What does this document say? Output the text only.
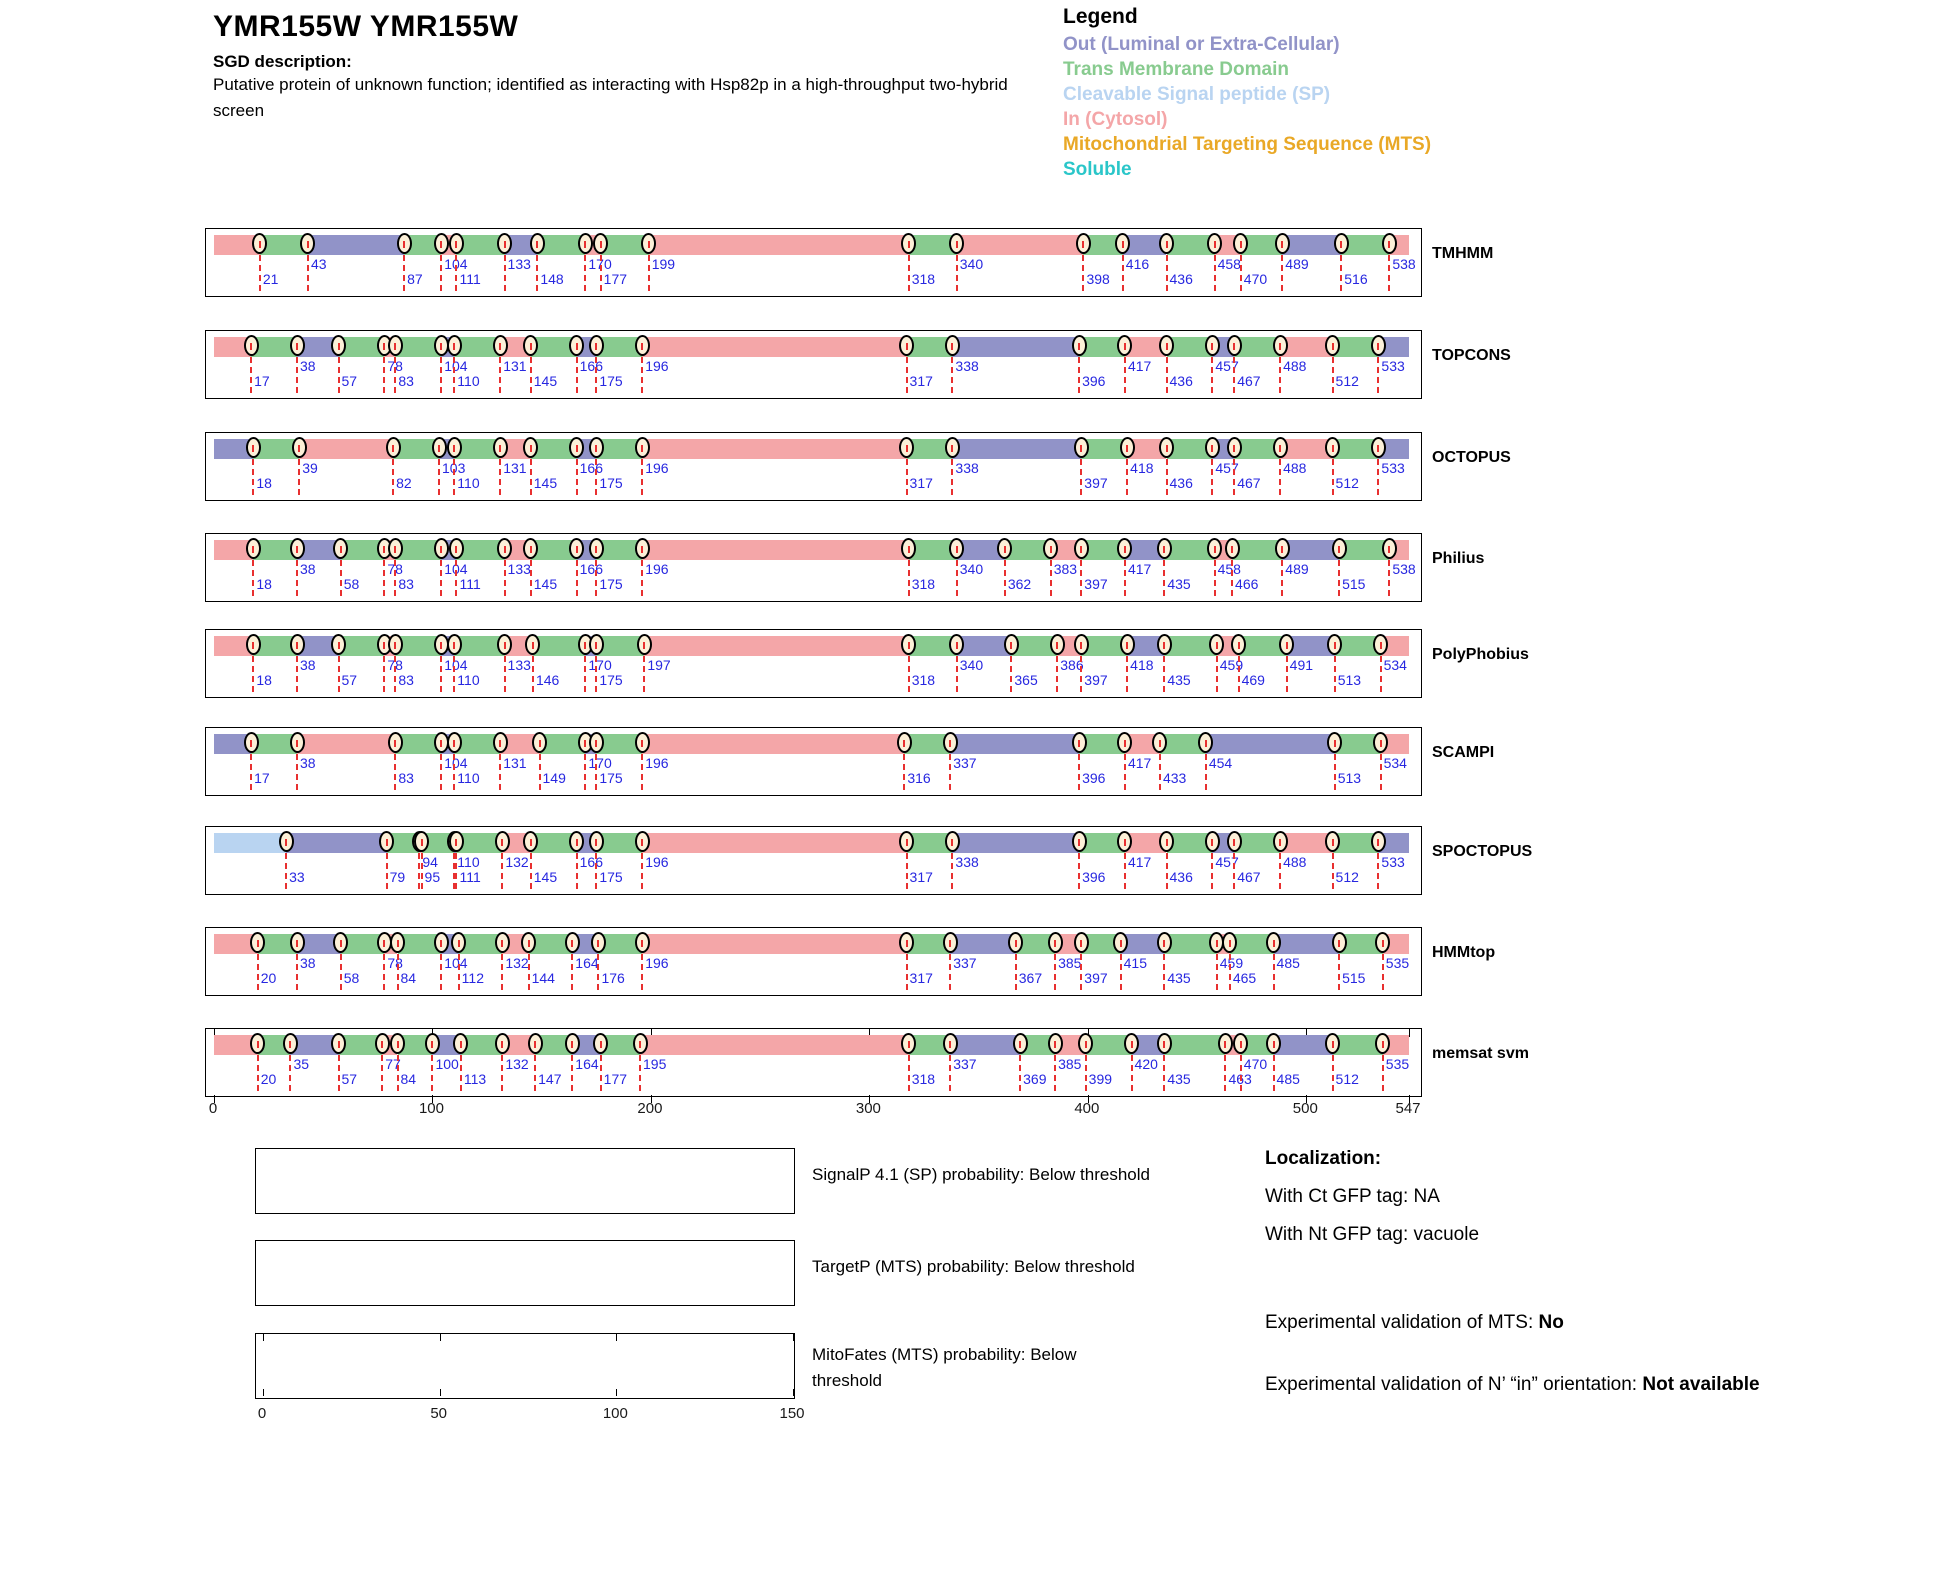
YMR155W YMR155W
SGD description:
Putative protein of unknown function; identified as interacting with Hsp82p in a high-throughput two-hybrid screen
Legend
Out (Luminal or Extra-Cellular)
Trans Membrane Domain
Cleavable Signal peptide (SP)
In (Cytosol)
Mitochondrial Targeting Sequence (MTS)
Soluble
21
43
87
104
111
133
148
170
177
199
318
340
398
416
436
458
470
489
516
538
TMHMM
17
38
57
78
83
104
110
131
145
166
175
196
317
338
396
417
436
457
467
488
512
533
TOPCONS
18
39
82
103
110
131
145
166
175
196
317
338
397
418
436
457
467
488
512
533
OCTOPUS
18
38
58
78
83
104
111
133
145
166
175
196
318
340
362
383
397
417
435
458
466
489
515
538
Philius
18
38
57
78
83
104
110
133
146
170
175
197
318
340
365
386
397
418
435
459
469
491
513
534
PolyPhobius
17
38
83
104
110
131
149
170
175
196
316
337
396
417
433
454
513
534
SCAMPI
33	79
94
95
110
111
132
145
166
175
196
317
338
396
417
436
457
467
488
512
533
SPOCTOPUS
20
38
58
78
84
104
112
132
144
164
176
196
317
337
367
385
397
415
435
459
465
485
515
535
HMMtop
20
35
57
77
84
100
113
132
147
164
177
195
318
337
369
385
399
420
435	463
470
485	512
535
memsat svm
0	100	200	300	400	500	547
SignalP 4.1 (SP) probability: Below threshold
TargetP (MTS) probability: Below threshold
MitoFates (MTS) probability: Below threshold
0	50	100	150
Localization:
With Ct GFP tag: NA
With Nt GFP tag: vacuole
Experimental validation of MTS: No
Experimental validation of N’ “in” orientation: Not available
